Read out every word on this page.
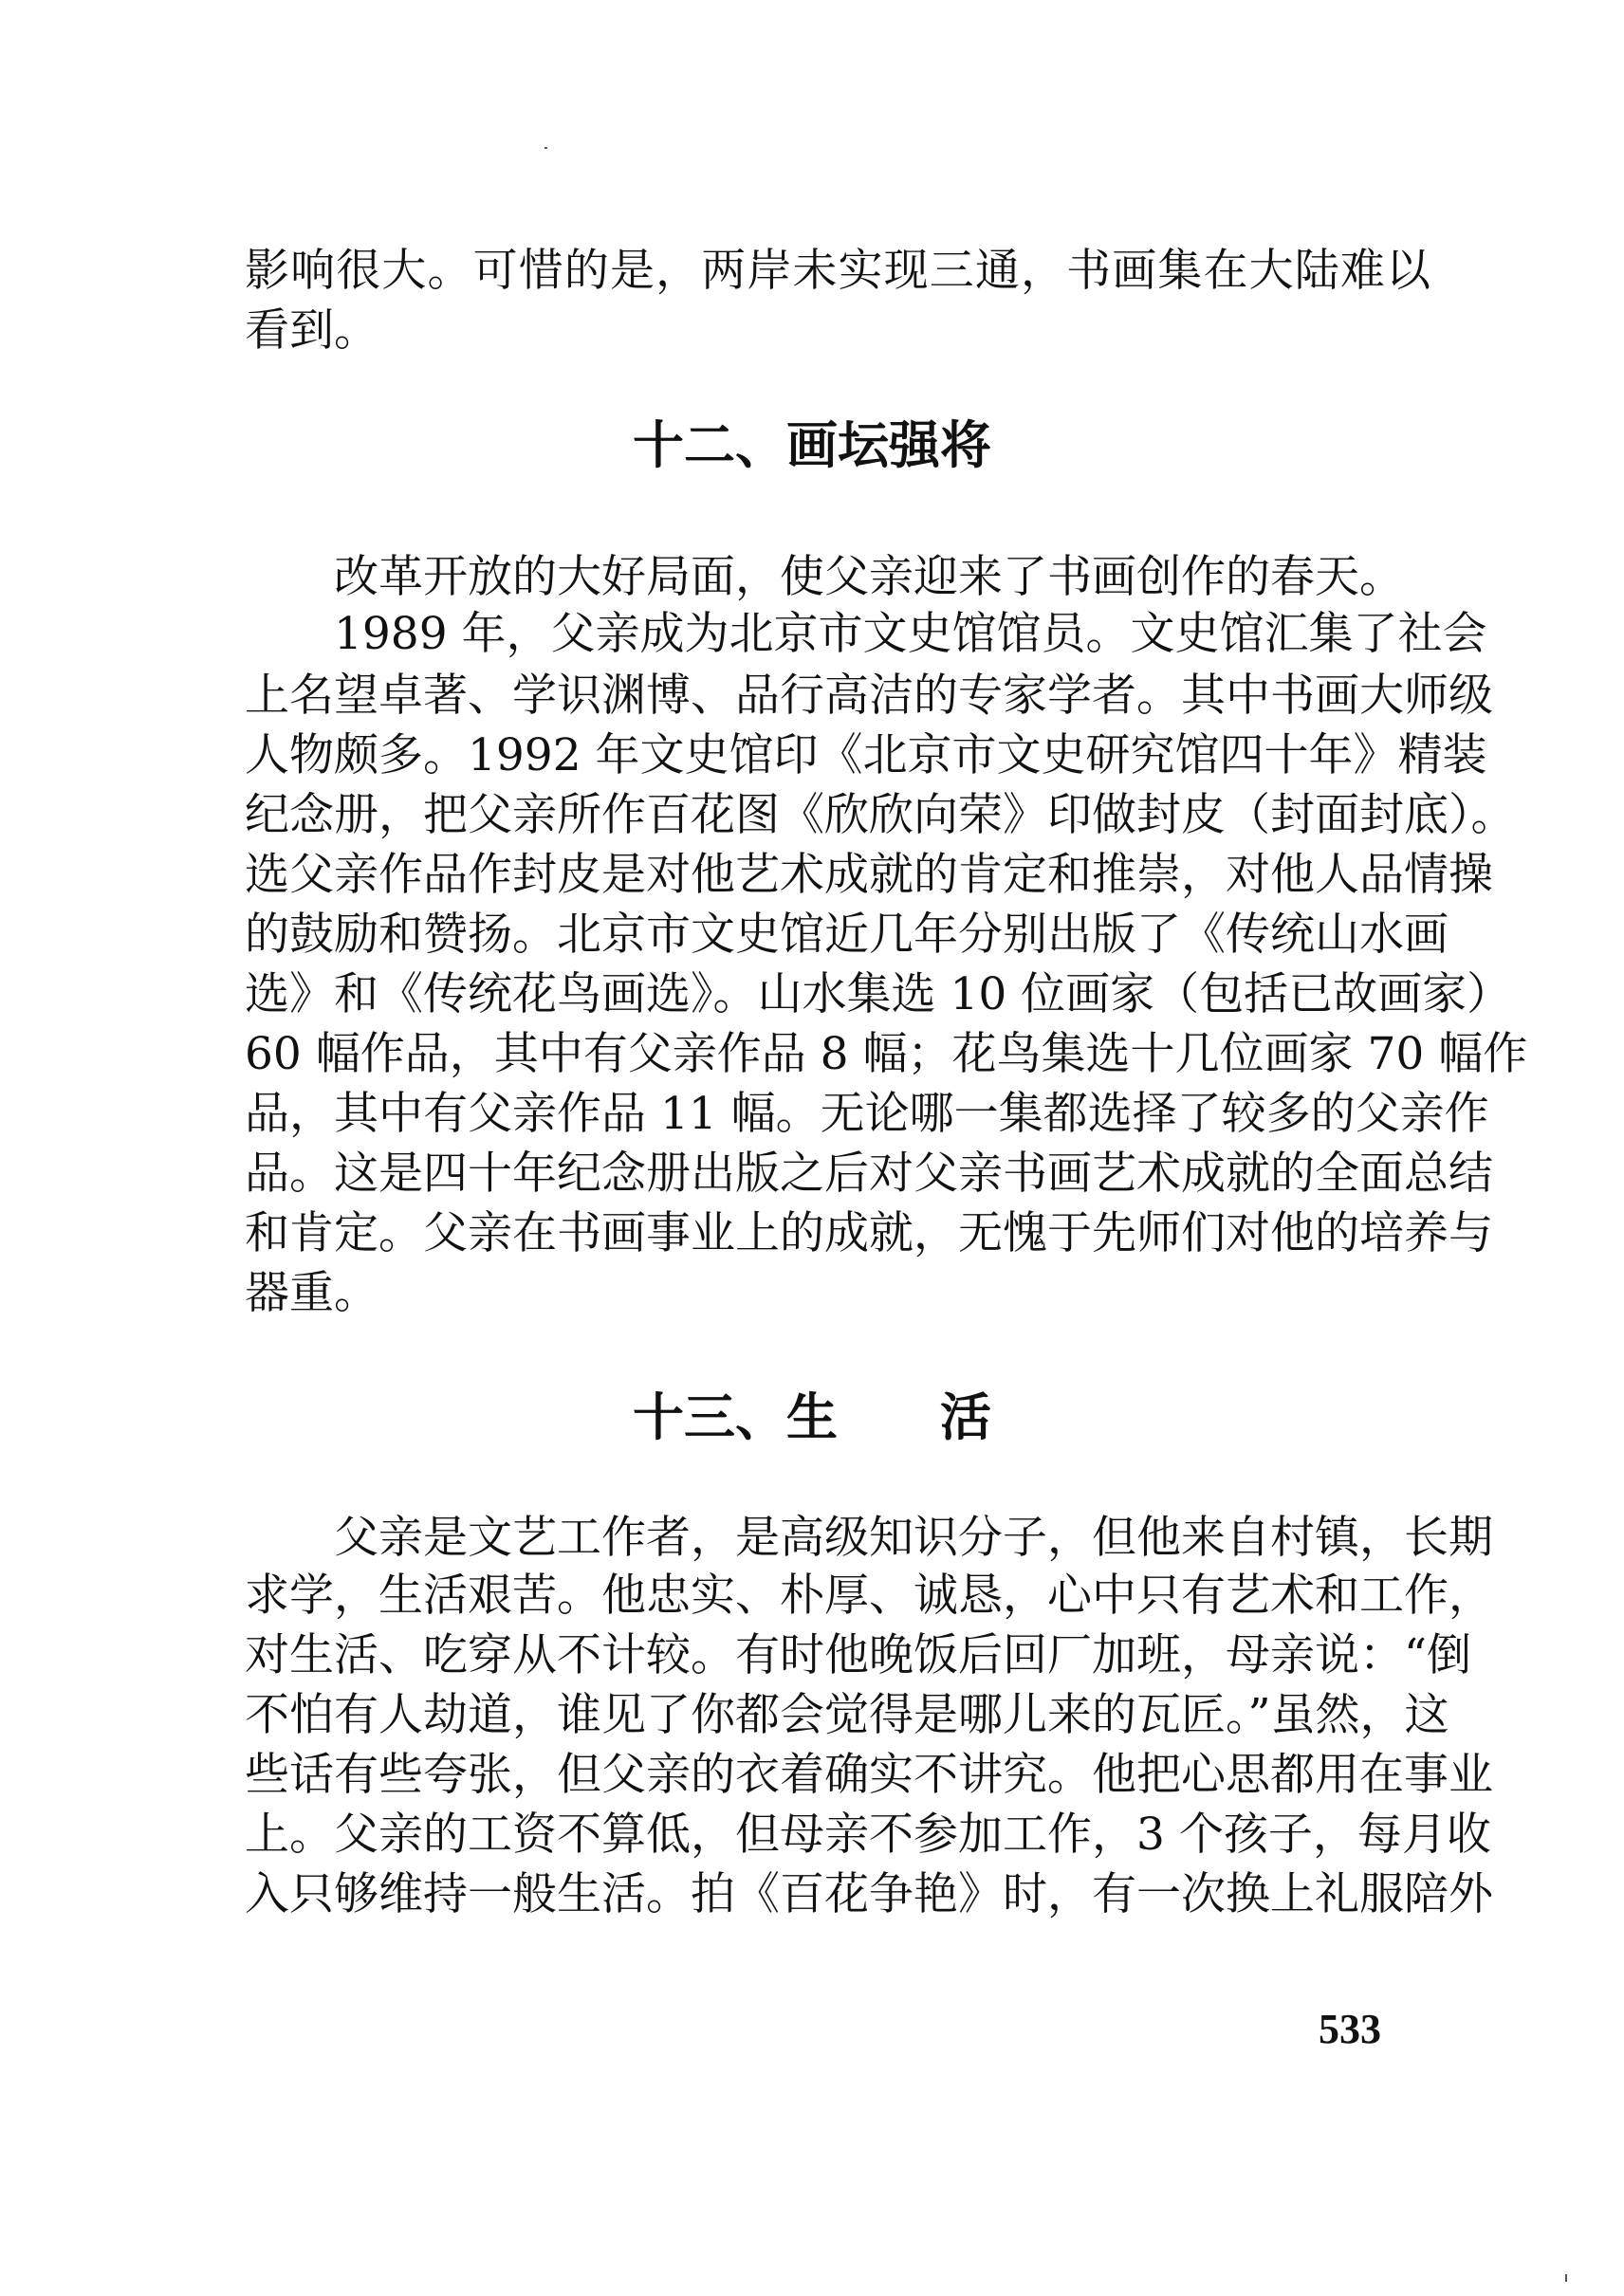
影响很大。可惜的是，两岸未实现三通，书画集在大陆难以
看到。
十二、画坛强将
改革开放的大好局面，使父亲迎来了书画创作的春天。
1989 年，父亲成为北京市文史馆馆员。文史馆汇集了社会
上名望卓著、学识渊博、品行高洁的专家学者。其中书画大师级
人物颇多。1992 年文史馆印《北京市文史研究馆四十年》精装
纪念册，把父亲所作百花图《欣欣向荣》印做封皮（封面封底）。
选父亲作品作封皮是对他艺术成就的肯定和推崇，对他人品情操
的鼓励和赞扬。北京市文史馆近几年分别出版了《传统山水画
选》和《传统花鸟画选》。山水集选 10 位画家（包括已故画家）
60 幅作品，其中有父亲作品 8 幅；花鸟集选十几位画家 70 幅作
品，其中有父亲作品 11 幅。无论哪一集都选择了较多的父亲作
品。这是四十年纪念册出版之后对父亲书画艺术成就的全面总结
和肯定。父亲在书画事业上的成就，无愧于先师们对他的培养与
器重。
十三、生　　活
父亲是文艺工作者，是高级知识分子，但他来自村镇，长期
求学，生活艰苦。他忠实、朴厚、诚恳，心中只有艺术和工作，
对生活、吃穿从不计较。有时他晚饭后回厂加班，母亲说：“倒
不怕有人劫道，谁见了你都会觉得是哪儿来的瓦匠。”虽然，这
些话有些夸张，但父亲的衣着确实不讲究。他把心思都用在事业
上。父亲的工资不算低，但母亲不参加工作，3 个孩子，每月收
入只够维持一般生活。拍《百花争艳》时，有一次换上礼服陪外
533
